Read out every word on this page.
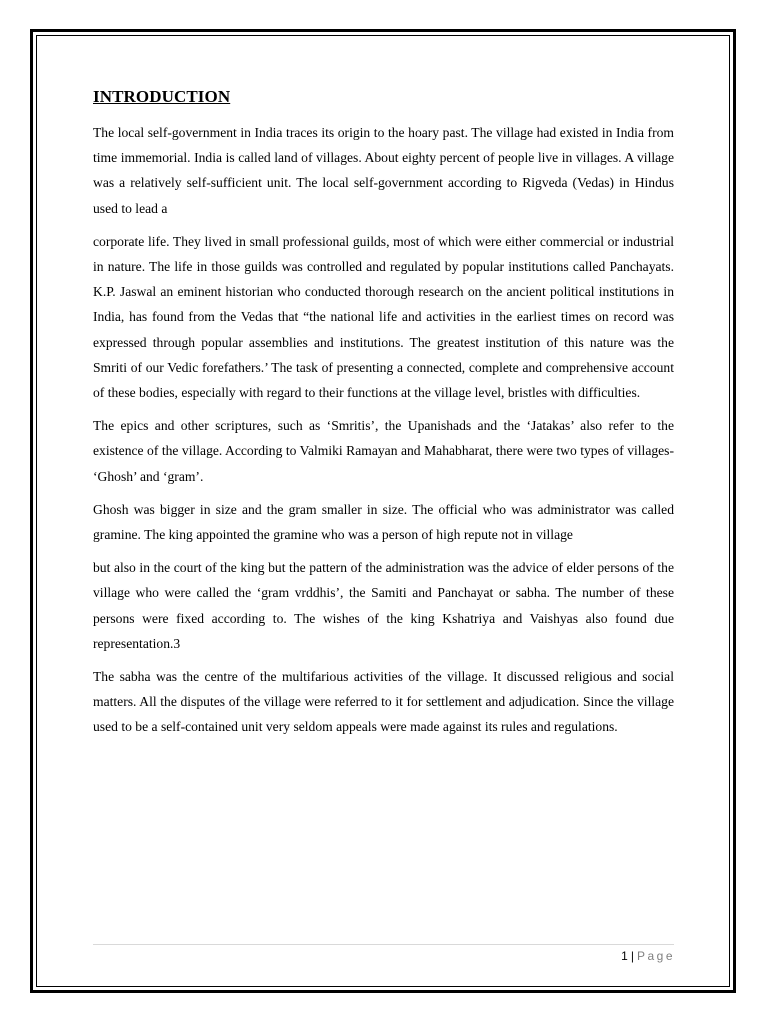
INTRODUCTION

The local self-government in India traces its origin to the hoary past. The village had existed in India from time immemorial. India is called land of villages. About eighty percent of people live in villages. A village was a relatively self-sufficient unit. The local self-government according to Rigveda (Vedas) in Hindus used to lead a

corporate life. They lived in small professional guilds, most of which were either commercial or industrial in nature. The life in those guilds was controlled and regulated by popular institutions called Panchayats. K.P. Jaswal an eminent historian who conducted thorough research on the ancient political institutions in India, has found from the Vedas that “the national life and activities in the earliest times on record was expressed through popular assemblies and institutions. The greatest institution of this nature was the Smriti of our Vedic forefathers.’ The task of presenting a connected, complete and comprehensive account of these bodies, especially with regard to their functions at the village level, bristles with difficulties.

The epics and other scriptures, such as ‘Smritis’, the Upanishads and the ‘Jatakas’ also refer to the existence of the village. According to Valmiki Ramayan and Mahabharat, there were two types of villages- ‘Ghosh’ and ‘gram’.

Ghosh was bigger in size and the gram smaller in size. The official who was administrator was called gramine. The king appointed the gramine who was a person of high repute not in village

but also in the court of the king but the pattern of the administration was the advice of elder persons of the village who were called the ‘gram vrddhis’, the Samiti and Panchayat or sabha. The number of these persons were fixed according to. The wishes of the king Kshatriya and Vaishyas also found due representation.3

The sabha was the centre of the multifarious activities of the village. It discussed religious and social matters. All the disputes of the village were referred to it for settlement and adjudication. Since the village used to be a self-contained unit very seldom appeals were made against its rules and regulations.

1 | Page
